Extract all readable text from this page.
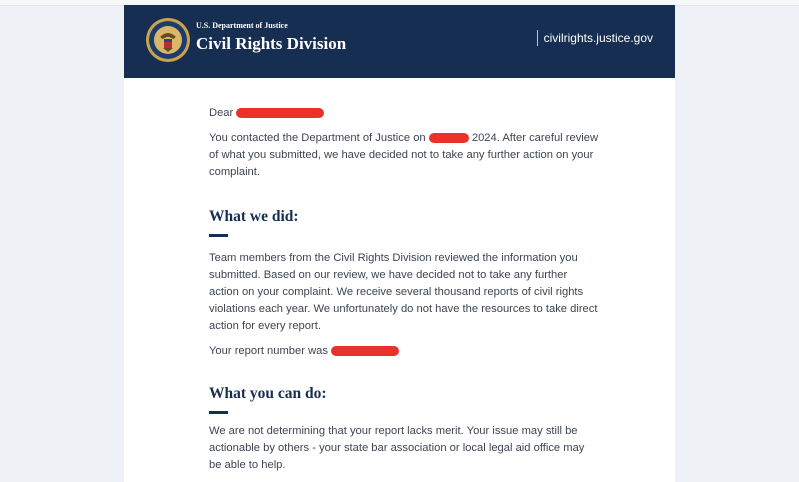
U.S. Department of Justice
Civil Rights Division	civilrights.justice.gov

Dear

You contacted the Department of Justice on	2024. After careful review of what you submitted, we have decided not to take any further action on your complaint.

What we did:

Team members from the Civil Rights Division reviewed the information you submitted. Based on our review, we have decided not to take any further action on your complaint. We receive several thousand reports of civil rights violations each year. We unfortunately do not have the resources to take direct action for every report.

Your report number was

What you can do:

We are not determining that your report lacks merit. Your issue may still be actionable by others - your state bar association or local legal aid office may be able to help.
